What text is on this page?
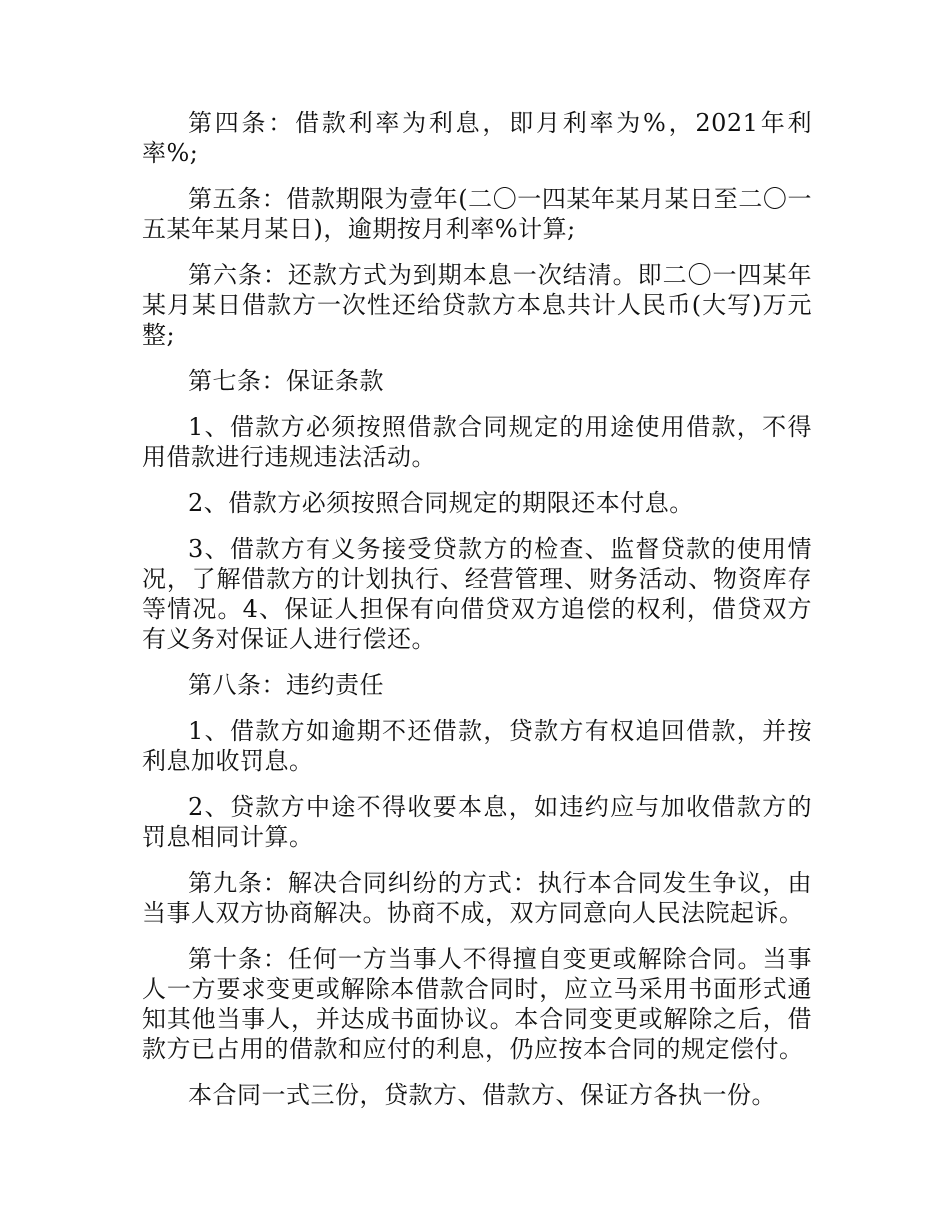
第四条：借款利率为利息，即月利率为%，2021年利率%;

第五条：借款期限为壹年(二〇一四某年某月某日至二〇一五某年某月某日)，逾期按月利率%计算;

第六条：还款方式为到期本息一次结清。即二〇一四某年某月某日借款方一次性还给贷款方本息共计人民币(大写)万元整;

第七条：保证条款

1、借款方必须按照借款合同规定的用途使用借款，不得用借款进行违规违法活动。

2、借款方必须按照合同规定的期限还本付息。

3、借款方有义务接受贷款方的检查、监督贷款的使用情况，了解借款方的计划执行、经营管理、财务活动、物资库存等情况。4、保证人担保有向借贷双方追偿的权利，借贷双方有义务对保证人进行偿还。

第八条：违约责任

1、借款方如逾期不还借款，贷款方有权追回借款，并按利息加收罚息。

2、贷款方中途不得收要本息，如违约应与加收借款方的罚息相同计算。

第九条：解决合同纠纷的方式：执行本合同发生争议，由当事人双方协商解决。协商不成，双方同意向人民法院起诉。

第十条：任何一方当事人不得擅自变更或解除合同。当事人一方要求变更或解除本借款合同时，应立马采用书面形式通知其他当事人，并达成书面协议。本合同变更或解除之后，借款方已占用的借款和应付的利息，仍应按本合同的规定偿付。

本合同一式三份，贷款方、借款方、保证方各执一份。
